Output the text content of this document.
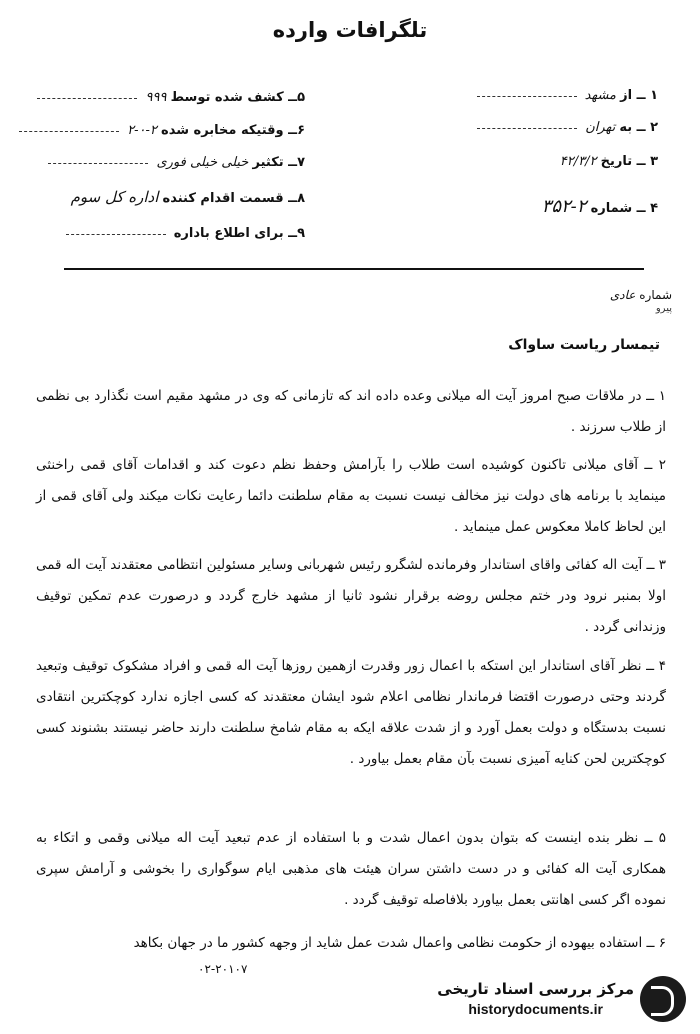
تلگرافات وارده
۱ ــ از مشهد
۲ ــ به تهران
۳ ــ تاریخ ۴۲/۳/۲
۴ ــ شماره ۲-۳۵۲
۵ــ کشف شده توسط ۹۹۹
۶ــ وقتیکه مخابره شده ۲-۰-۲
۷ــ تکثیر خیلی خیلی فوری
۸ــ قسمت اقدام کننده اداره کل سوم
۹ــ برای اطلاع باداره
شماره عادی
پیرو
تیمسار ریاست ساواک
۱ ــ در ملاقات صبح امروز آیت اله میلانی وعده داده اند که تازمانی که وی در مشهد مقیم است نگذارد بی نظمی از طلاب سرزند .
۲ ــ آقای میلانی تاکنون کوشیده است طلاب را بآرامش وحفظ نظم دعوت کند و اقدامات آقای قمی راخنثی مینماید با برنامه های دولت نیز مخالف نیست نسبت به مقام سلطنت دائما رعایت نکات میکند ولی آقای قمی از این لحاظ کاملا معکوس عمل مینماید .
۳ ــ آیت اله کفائی واقای استاندار وفرمانده لشگرو رئیس شهربانی وسایر مسئولین انتظامی معتقدند آیت اله قمی اولا بمنبر نرود ودر ختم مجلس روضه برقرار نشود ثانیا از مشهد خارج گردد و درصورت عدم تمکین توقیف وزندانی گردد .
۴ ــ نظر آقای استاندار این استکه با اعمال زور وقدرت ازهمین روزها آیت اله قمی و افراد مشکوک توقیف وتبعید گردند وحتی درصورت اقتضا فرماندار نظامی اعلام شود ایشان معتقدند که کسی اجازه ندارد کوچکترین انتقادی نسبت بدستگاه و دولت بعمل آورد و از شدت علاقه ایکه به مقام شامخ سلطنت دارند حاضر نیستند بشنوند کسی کوچکترین لحن کنایه آمیزی نسبت بآن مقام بعمل بیاورد .
۵ ــ نظر بنده اینست که بتوان بدون اعمال شدت و با استفاده از عدم تبعید آیت اله میلانی وقمی و اتکاء به همکاری آیت اله کفائی و در دست داشتن سران هیئت های مذهبی ایام سوگواری را بخوشی و آرامش سپری نموده اگر کسی اهانتی بعمل بیاورد بلافاصله توقیف گردد .
۶ ــ استفاده بیهوده از حکومت نظامی واعمال شدت عمل شاید از وجهه کشور ما در جهان بکاهد
۰۲-۲۰۱۰۷
مرکز بررسی اسناد تاریخی
historydocuments.ir
